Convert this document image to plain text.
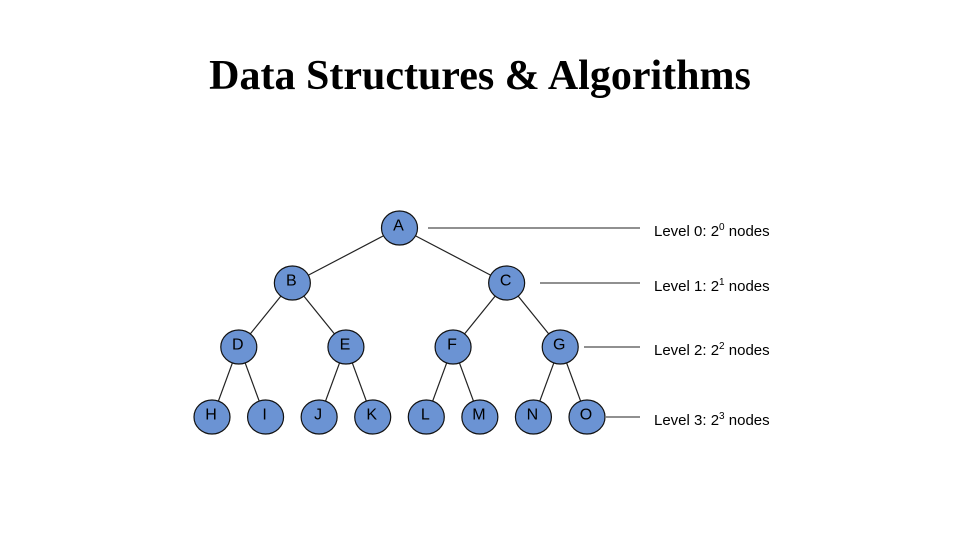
Data Structures & Algorithms
A
B	C
D	E	F	G
H	I	J	K	L	M	N	O
Level 0: $2^0$ nodes
Level 1: $2^1$ nodes
Level 2: $2^2$ nodes
Level 3: $2^3$ nodes
